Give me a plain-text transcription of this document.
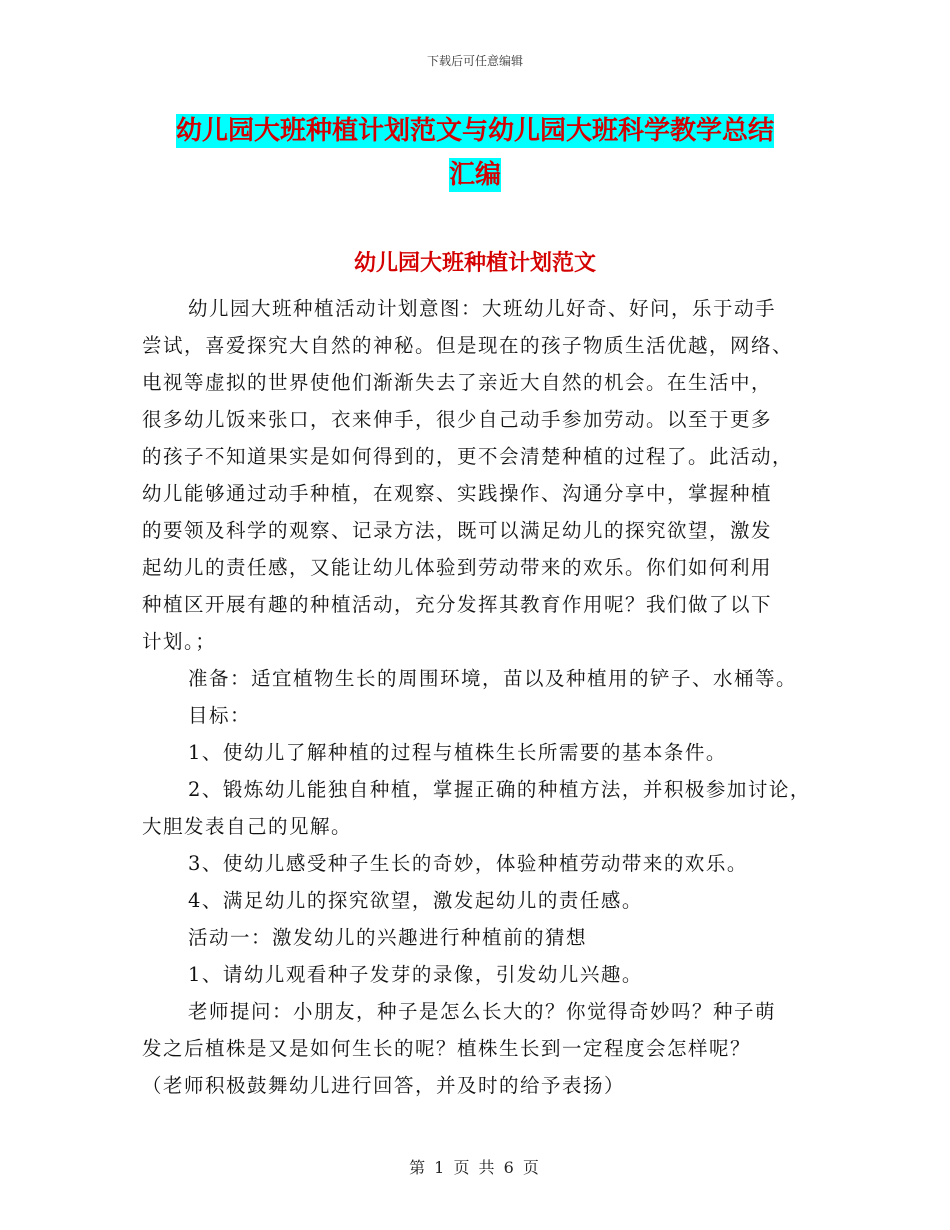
下载后可任意编辑
幼儿园大班种植计划范文与幼儿园大班科学教学总结
汇编
幼儿园大班种植计划范文
幼儿园大班种植活动计划意图：大班幼儿好奇、好问，乐于动手
尝试，喜爱探究大自然的神秘。但是现在的孩子物质生活优越，网络、
电视等虚拟的世界使他们渐渐失去了亲近大自然的机会。在生活中，
很多幼儿饭来张口，衣来伸手，很少自己动手参加劳动。以至于更多
的孩子不知道果实是如何得到的，更不会清楚种植的过程了。此活动，
幼儿能够通过动手种植，在观察、实践操作、沟通分享中，掌握种植
的要领及科学的观察、记录方法，既可以满足幼儿的探究欲望，激发
起幼儿的责任感，又能让幼儿体验到劳动带来的欢乐。你们如何利用
种植区开展有趣的种植活动，充分发挥其教育作用呢？我们做了以下
计划。；
准备：适宜植物生长的周围环境，苗以及种植用的铲子、水桶等。
目标：
1、使幼儿了解种植的过程与植株生长所需要的基本条件。
2、锻炼幼儿能独自种植，掌握正确的种植方法，并积极参加讨论，
大胆发表自己的见解。
3、使幼儿感受种子生长的奇妙，体验种植劳动带来的欢乐。
4、满足幼儿的探究欲望，激发起幼儿的责任感。
活动一：激发幼儿的兴趣进行种植前的猜想
1、请幼儿观看种子发芽的录像，引发幼儿兴趣。
老师提问：小朋友，种子是怎么长大的？你觉得奇妙吗？种子萌
发之后植株是又是如何生长的呢？植株生长到一定程度会怎样呢？
（老师积极鼓舞幼儿进行回答，并及时的给予表扬）
第 1 页 共 6 页
